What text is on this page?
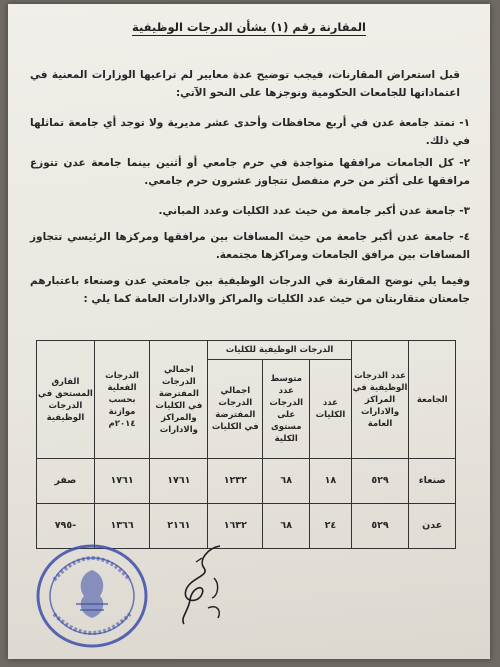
المقارنة رقم (١) بشأن الدرجات الوظيفية
قبل استعراض المقارنات، فيجب توضيح عدة معايير لم تراعيها الوزارات المعنية في اعتماداتها للجامعات الحكومية ونوجزها على النحو الآتي:
١- تمتد جامعة عدن في أربع محافظات وأحدى عشر مديرية ولا توجد أي جامعة تماثلها في ذلك.
٢- كل الجامعات مرافقها متواجدة في حرم جامعي أو أثنين بينما جامعة عدن تتوزع مرافقها على أكثر من حرم منفصل تتجاوز عشرون حرم جامعي.
٣- جامعة عدن أكبر جامعة من حيث عدد الكليات وعدد المباني.
٤- جامعة عدن أكبر جامعة من حيث المسافات بين مرافقها ومركزها الرئيسي تتجاوز المسافات بين مرافق الجامعات ومراكزها مجتمعة.
وفيما يلي نوضح المقارنة في الدرجات الوظيفية بين جامعتي عدن وصنعاء باعتبارهم جامعتان متقاربتان من حيث عدد الكليات والمراكز والادارات العامة كما يلي :
الجامعة	عدد الدرجات الوظيفية في المراكز والادارات العامة	الدرجات الوظيفية للكليات			اجمالي الدرجات المفترضة في الكليات والمراكز والادارات	الدرجات الفعلية بحسب موازنة ٢٠١٤م	الفارق المستحق في الدرجات الوظيفية
		عدد الكليات	متوسط عدد الدرجات على مستوى الكلية	اجمالي الدرجات المفترضة في الكليات			
صنعاء	٥٢٩	١٨	٦٨	١٢٣٢	١٧٦١	١٧٦١	صفر
عدن	٥٢٩	٢٤	٦٨	١٦٣٢	٢١٦١	١٣٦٦	-٧٩٥
